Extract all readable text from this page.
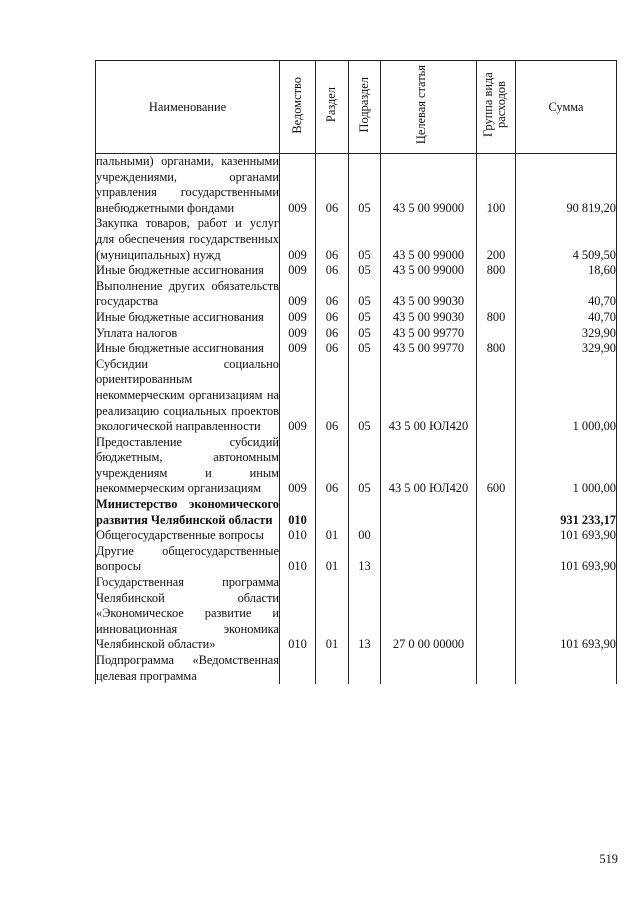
Наименование	Ведомство	Раздел	Подраздел	Целевая статья	Группа вида расходов	Сумма
пальными) органами, казенными учреждениями, органами управления государственными внебюджетными фондами	009	06	05	43 5 00 99000	100	90 819,20
Закупка товаров, работ и услуг для обеспечения государственных (муниципальных) нужд	009	06	05	43 5 00 99000	200	4 509,50
Иные бюджетные ассигнования	009	06	05	43 5 00 99000	800	18,60
Выполнение других обязательств государства	009	06	05	43 5 00 99030		40,70
Иные бюджетные ассигнования	009	06	05	43 5 00 99030	800	40,70
Уплата налогов	009	06	05	43 5 00 99770		329,90
Иные бюджетные ассигнования	009	06	05	43 5 00 99770	800	329,90
Субсидии социально ориентированным некоммерческим организациям на реализацию социальных проектов экологической направленности	009	06	05	43 5 00 ЮЛ420		1 000,00
Предоставление субсидий бюджетным, автономным учреждениям и иным некоммерческим организациям	009	06	05	43 5 00 ЮЛ420	600	1 000,00
Министерство экономического развития Челябинской области	010					931 233,17
Общегосударственные вопросы	010	01	00			101 693,90
Другие общегосударственные вопросы	010	01	13			101 693,90
Государственная программа Челябинской области «Экономическое развитие и инновационная экономика Челябинской области»	010	01	13	27 0 00 00000		101 693,90
Подпрограмма «Ведомственная целевая программа						
519
